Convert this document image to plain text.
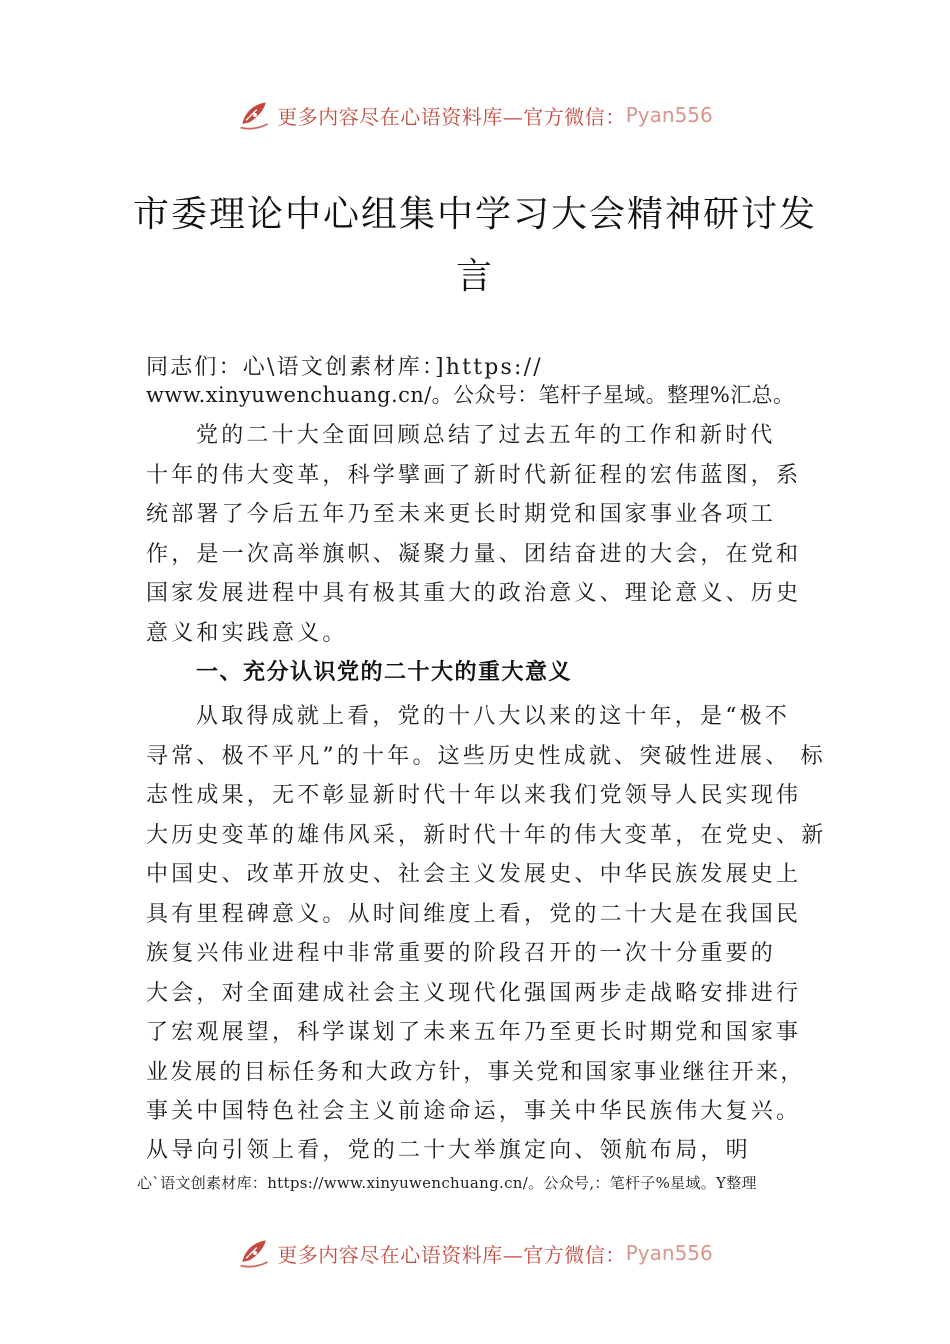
更多内容尽在心语资料库—官方微信： Pyan556
市委理论中心组集中学习大会精神研讨发
言
同志们：心\语文创素材库：]https://
www.xinyuwenchuang.cn/。公众号：笔杆子星域。整理%汇总。
党的二十大全面回顾总结了过去五年的工作和新时代
十年的伟大变革，科学擘画了新时代新征程的宏伟蓝图，系
统部署了今后五年乃至未来更长时期党和国家事业各项工
作，是一次高举旗帜、凝聚力量、团结奋进的大会，在党和
国家发展进程中具有极其重大的政治意义、理论意义、历史
意义和实践意义。
一、充分认识党的二十大的重大意义
从取得成就上看，党的十八大以来的这十年，是“极不
寻常、极不平凡”的十年。这些历史性成就、突破性进展、 标
志性成果，无不彰显新时代十年以来我们党领导人民实现伟
大历史变革的雄伟风采，新时代十年的伟大变革，在党史、新
中国史、改革开放史、社会主义发展史、中华民族发展史上
具有里程碑意义。从时间维度上看，党的二十大是在我国民
族复兴伟业进程中非常重要的阶段召开的一次十分重要的
大会，对全面建成社会主义现代化强国两步走战略安排进行
了宏观展望，科学谋划了未来五年乃至更长时期党和国家事
业发展的目标任务和大政方针，事关党和国家事业继往开来，
事关中国特色社会主义前途命运，事关中华民族伟大复兴。
从导向引领上看，党的二十大举旗定向、领航布局，明
心`语文创素材库：https://www.xinyuwenchuang.cn/。公众号,：笔杆子%星域。Y整理
更多内容尽在心语资料库—官方微信： Pyan556
